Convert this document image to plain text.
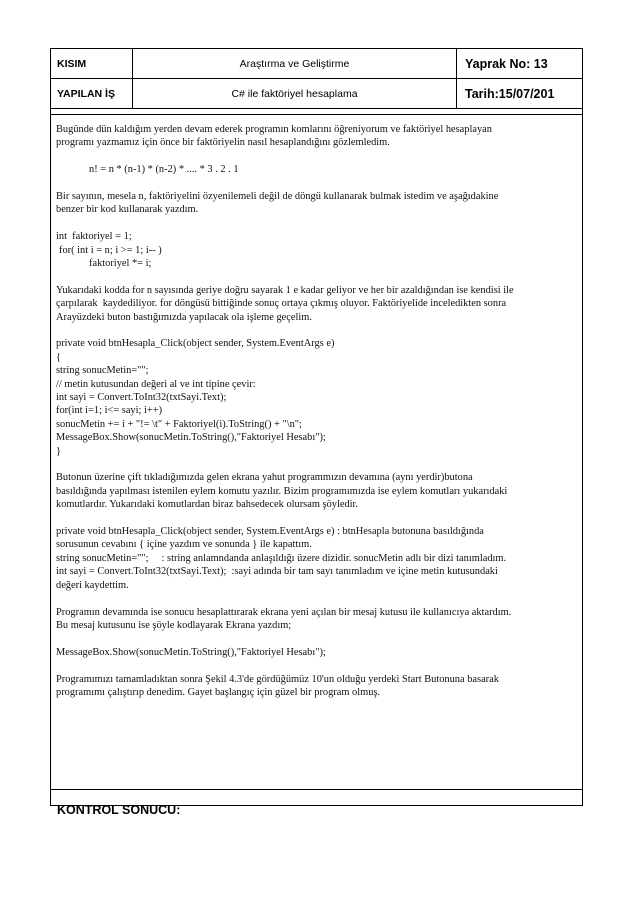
KISIM	Araştırma ve Geliştirme	Yaprak No: 13
YAPILAN İŞ	C# ile faktöriyel hesaplama	Tarih:15/07/201
Bugünde dün kaldığım yerden devam ederek programın komlarını öğreniyorum ve faktöriyel hesaplayan
programı yazmamız için önce bir faktöriyelin nasıl hesaplandığını gözlemledim.
n! = n * (n-1) * (n-2) * .... * 3 . 2 . 1
Bir sayının, mesela n, faktöriyelini özyenilemeli değil de döngü kullanarak bulmak istedim ve aşağıdakine
benzer bir kod kullanarak yazdım.
int  faktoriyel = 1;
for( int i = n; i >= 1; i-- )
faktoriyel *= i;
Yukarıdaki kodda for n sayısında geriye doğru sayarak 1 e kadar geliyor ve her bir azaldığından ise kendisi ile
çarpılarak  kaydediliyor. for döngüsü bittiğinde sonuç ortaya çıkmış oluyor. Faktöriyelide inceledikten sonra
Arayüzdeki buton bastığımızda yapılacak ola işleme geçelim.
private void btnHesapla_Click(object sender, System.EventArgs e)
{
string sonucMetin="";
// metin kutusundan değeri al ve int tipine çevir:
int sayi = Convert.ToInt32(txtSayi.Text);
for(int i=1; i<= sayi; i++)
sonucMetin += i + "!= \t" + Faktoriyel(i).ToString() + "\n";
MessageBox.Show(sonucMetin.ToString(),"Faktoriyel Hesabı");
}
Butonun üzerine çift tıkladığımızda gelen ekrana yahut programmızın devamına (aynı yerdir)butona
basıldığında yapılması istenilen eylem komutu yazılır. Bizim programımızda ise eylem komutları yukarıdaki
komutlardır. Yukarıdaki komutlardan biraz bahsedecek olursam şöyledir.
private void btnHesapla_Click(object sender, System.EventArgs e) : btnHesapla butonuna basıldığında
sorusunun cevabını { içine yazdım ve sonunda } ile kapattım.
string sonucMetin="";     : string anlamndanda anlaşıldığı üzere dizidir. sonucMetin adlı bir dizi tanımladım.
int sayi = Convert.ToInt32(txtSayi.Text);  :sayi adında bir tam sayı tanımladım ve içine metin kutusundaki
değeri kaydettim.
Programın devamında ise sonucu hesaplattırarak ekrana yeni açılan bir mesaj kutusu ile kullanıcıya aktardım.
Bu mesaj kutusunu ise şöyle kodlayarak Ekrana yazdım;
MessageBox.Show(sonucMetin.ToString(),"Faktoriyel Hesabı");
Programımızı tamamladıktan sonra Şekil 4.3'de gördüğümüz 10'un olduğu yerdeki Start Butonuna basarak
programımı çalıştırıp denedim. Gayet başlangıç için güzel bir program olmuş.
KONTROL SONUCU:
